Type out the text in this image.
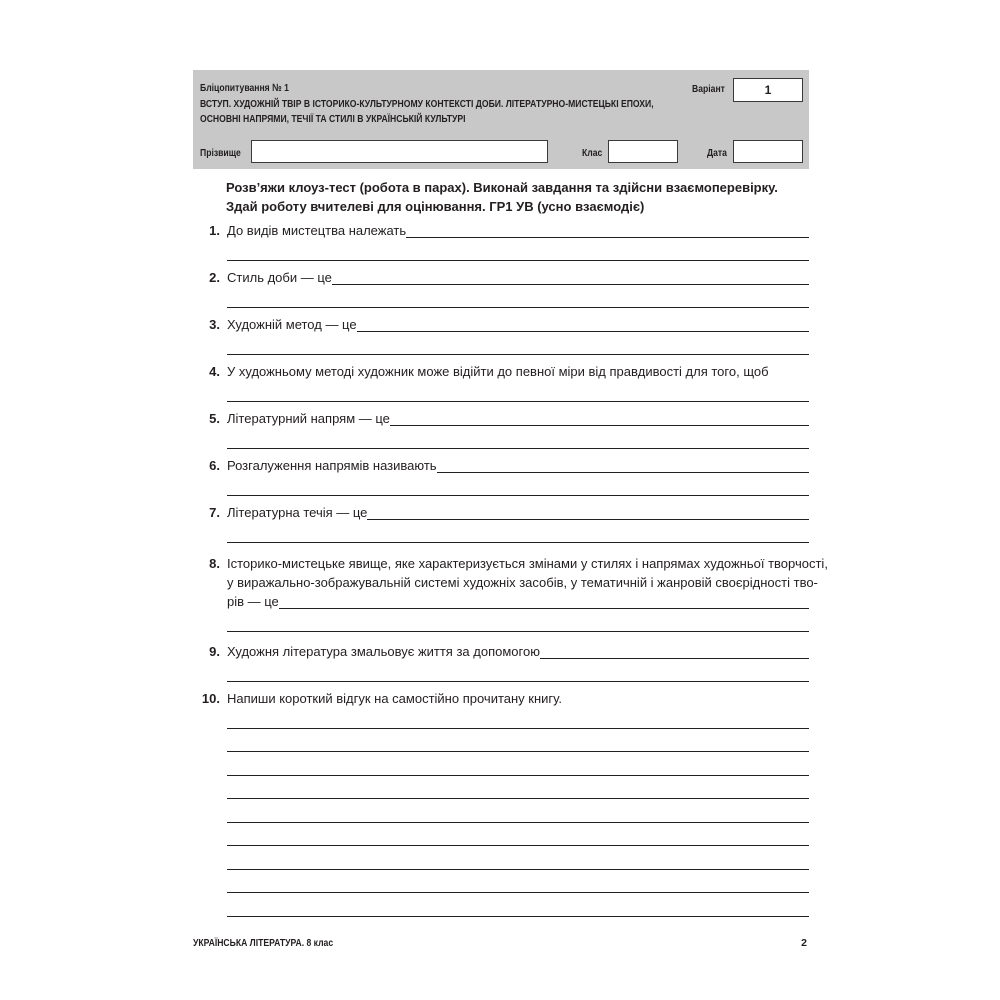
Бліцопитування № 1
ВСТУП. ХУДОЖНІЙ ТВІР В ІСТОРИКО-КУЛЬТУРНОМУ КОНТЕКСТІ ДОБИ. ЛІТЕРАТУРНО-МИСТЕЦЬКІ ЕПОХИ,
ОСНОВНІ НАПРЯМИ, ТЕЧІЇ ТА СТИЛІ В УКРАЇНСЬКІЙ КУЛЬТУРІ
Варіант	1
Прізвище	Клас	Дата
Розв’яжи клоуз-тест (робота в парах). Виконай завдання та здійсни взаємоперевірку.
Здай роботу вчителеві для оцінювання. ГР1 УВ (усно взаємодіє)
1. До видів мистецтва належать
2. Стиль доби — це
3. Художній метод — це
4. У художньому методі художник може відійти до певної міри від правдивості для того, щоб
5. Літературний напрям — це
6. Розгалуження напрямів називають
7. Літературна течія — це
8. Історико-мистецьке явище, яке характеризується змінами у стилях і напрямах художньої творчості,
у виражально-зображувальній системі художніх засобів, у тематичній і жанровій своєрідності тво-
рів — це
9. Художня література змальовує життя за допомогою
10. Напиши короткий відгук на самостійно прочитану книгу.
УКРАЇНСЬКА ЛІТЕРАТУРА. 8 клас	2
